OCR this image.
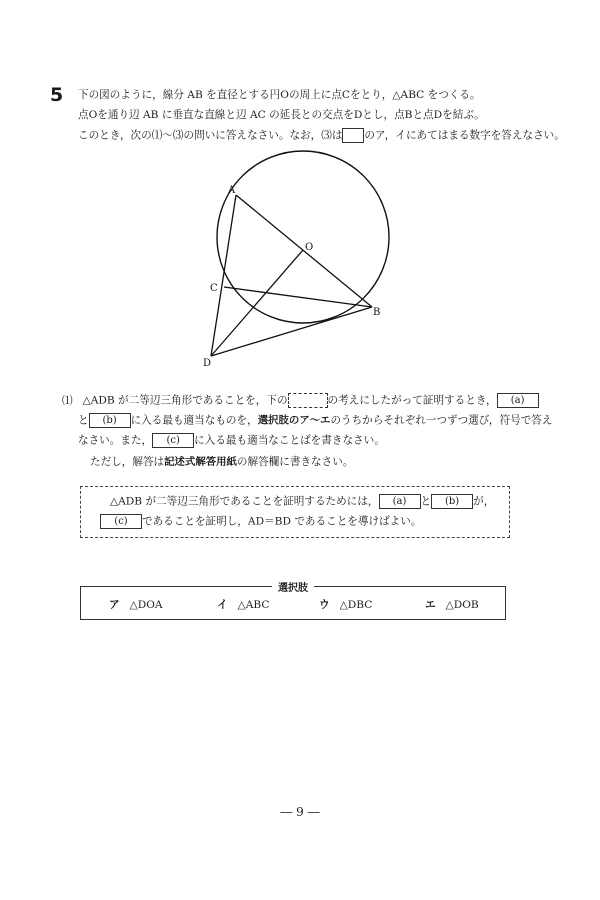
5 下の図のように，線分 AB を直径とする円Oの周上に点Cをとり，△ABC をつくる。
点Oを通り辺 AB に垂直な直線と辺 AC の延長との交点をDとし，点Bと点Dを結ぶ。
このとき，次の⑴～⑶の問いに答えなさい。なお，⑶は のア，イにあてはまる数字を答えなさい。
A
O
C
B
D
⑴ △ADB が二等辺三角形であることを，下の	の考えにしたがって証明するとき， (a)
と (b) に入る最も適当なものを，選択肢のア～エのうちからそれぞれ一つずつ選び，符号で答え
なさい。また， (c) に入る最も適当なことばを書きなさい。
ただし，解答は記述式解答用紙の解答欄に書きなさい。
△ADB が二等辺三角形であることを証明するためには， (a) と (b) が，
(c) であることを証明し，AD＝BD であることを導けばよい。
選択肢
ア △DOA	イ △ABC	ウ △DBC	エ △DOB
― 9 ―
